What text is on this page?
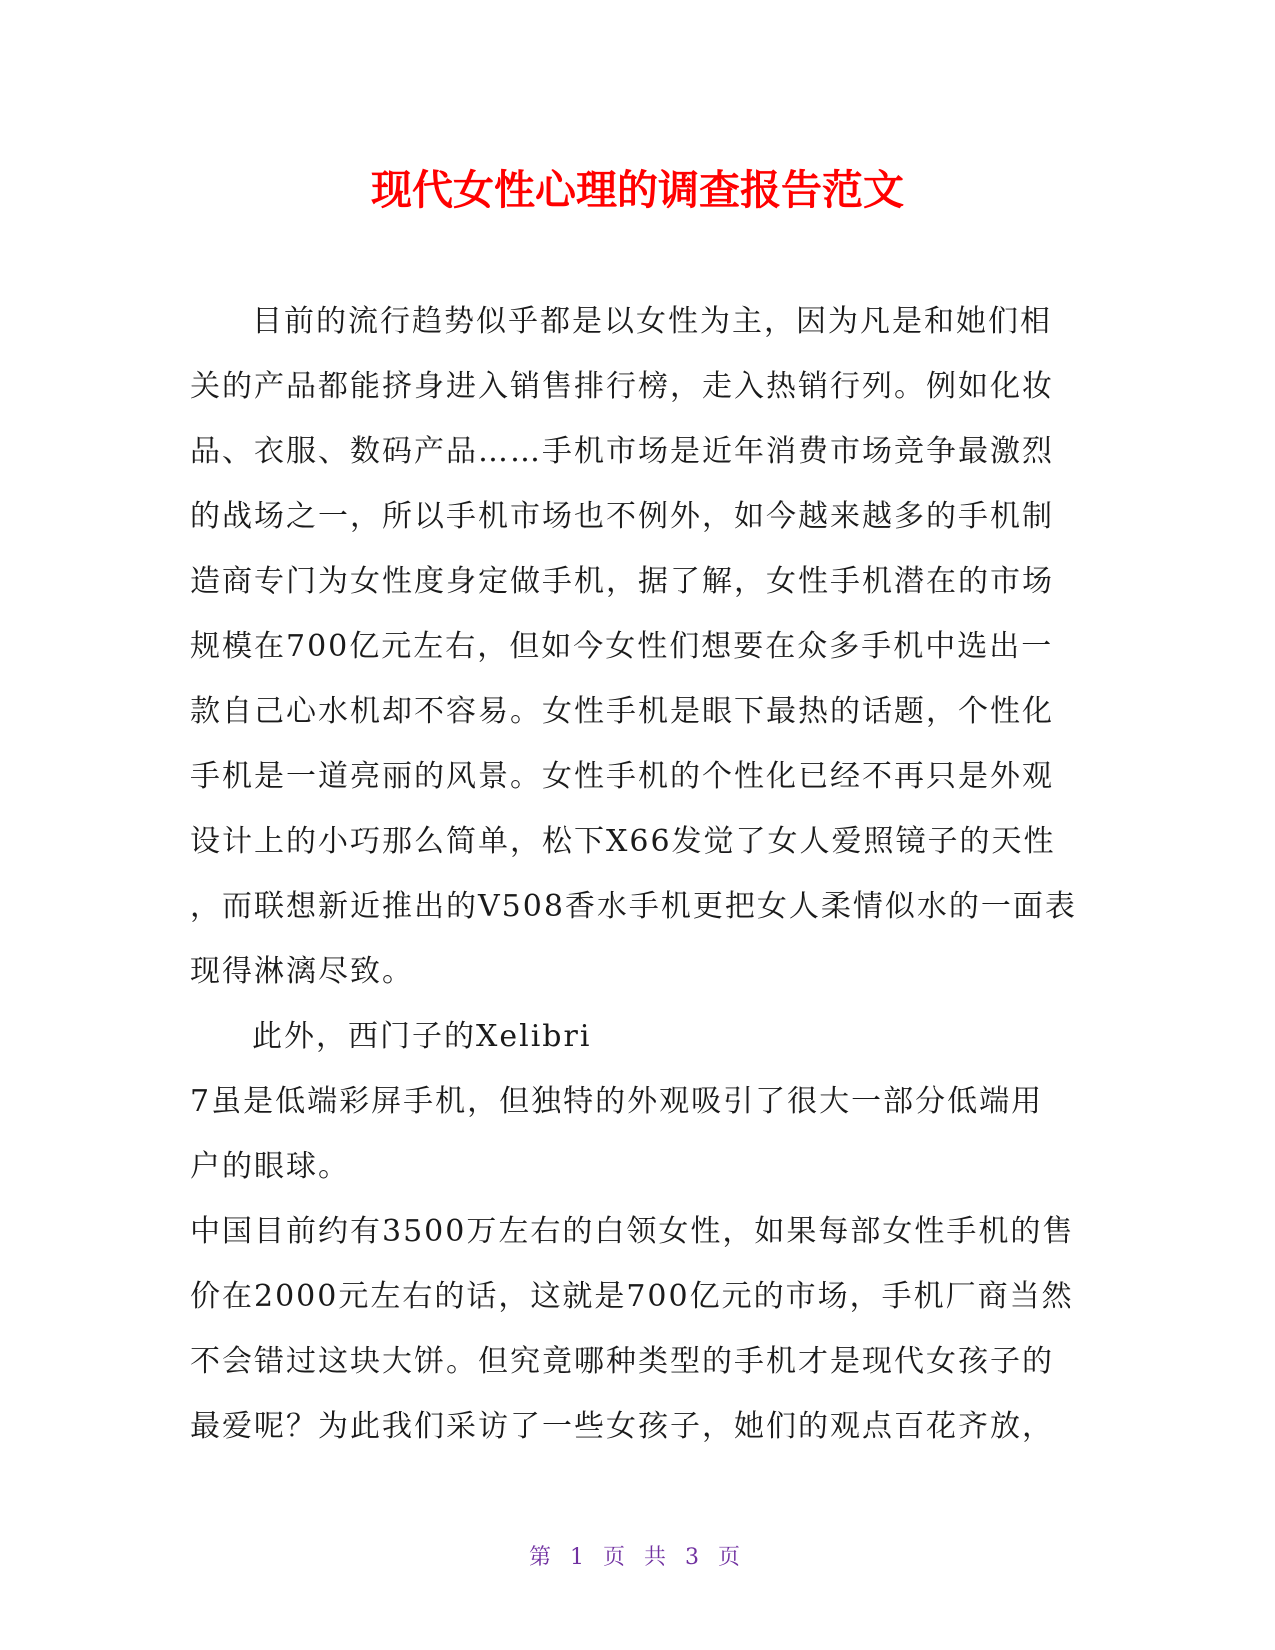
现代女性心理的调查报告范文
目前的流行趋势似乎都是以女性为主，因为凡是和她们相
关的产品都能挤身进入销售排行榜，走入热销行列。例如化妆
品、衣服、数码产品……手机市场是近年消费市场竞争最激烈
的战场之一，所以手机市场也不例外，如今越来越多的手机制
造商专门为女性度身定做手机，据了解，女性手机潜在的市场
规模在700亿元左右，但如今女性们想要在众多手机中选出一
款自己心水机却不容易。女性手机是眼下最热的话题，个性化
手机是一道亮丽的风景。女性手机的个性化已经不再只是外观
设计上的小巧那么简单，松下X66发觉了女人爱照镜子的天性
，而联想新近推出的V508香水手机更把女人柔情似水的一面表
现得淋漓尽致。
此外，西门子的Xelibri
7虽是低端彩屏手机，但独特的外观吸引了很大一部分低端用
户的眼球。
中国目前约有3500万左右的白领女性，如果每部女性手机的售
价在2000元左右的话，这就是700亿元的市场，手机厂商当然
不会错过这块大饼。但究竟哪种类型的手机才是现代女孩子的
最爱呢？为此我们采访了一些女孩子，她们的观点百花齐放，
第 1 页 共 3 页
